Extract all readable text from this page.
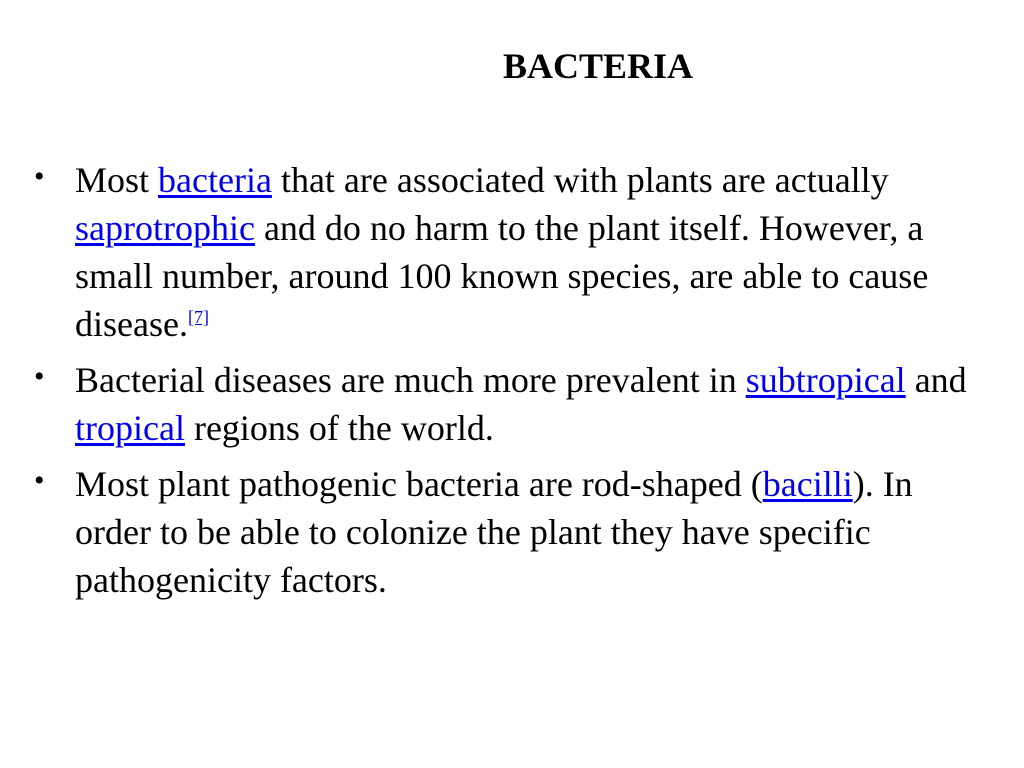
BACTERIA
• Most bacteria that are associated with plants are actually saprotrophic and do no harm to the plant itself. However, a small number, around 100 known species, are able to cause disease.[7]
• Bacterial diseases are much more prevalent in subtropical and tropical regions of the world.
• Most plant pathogenic bacteria are rod-shaped (bacilli). In order to be able to colonize the plant they have specific pathogenicity factors.
